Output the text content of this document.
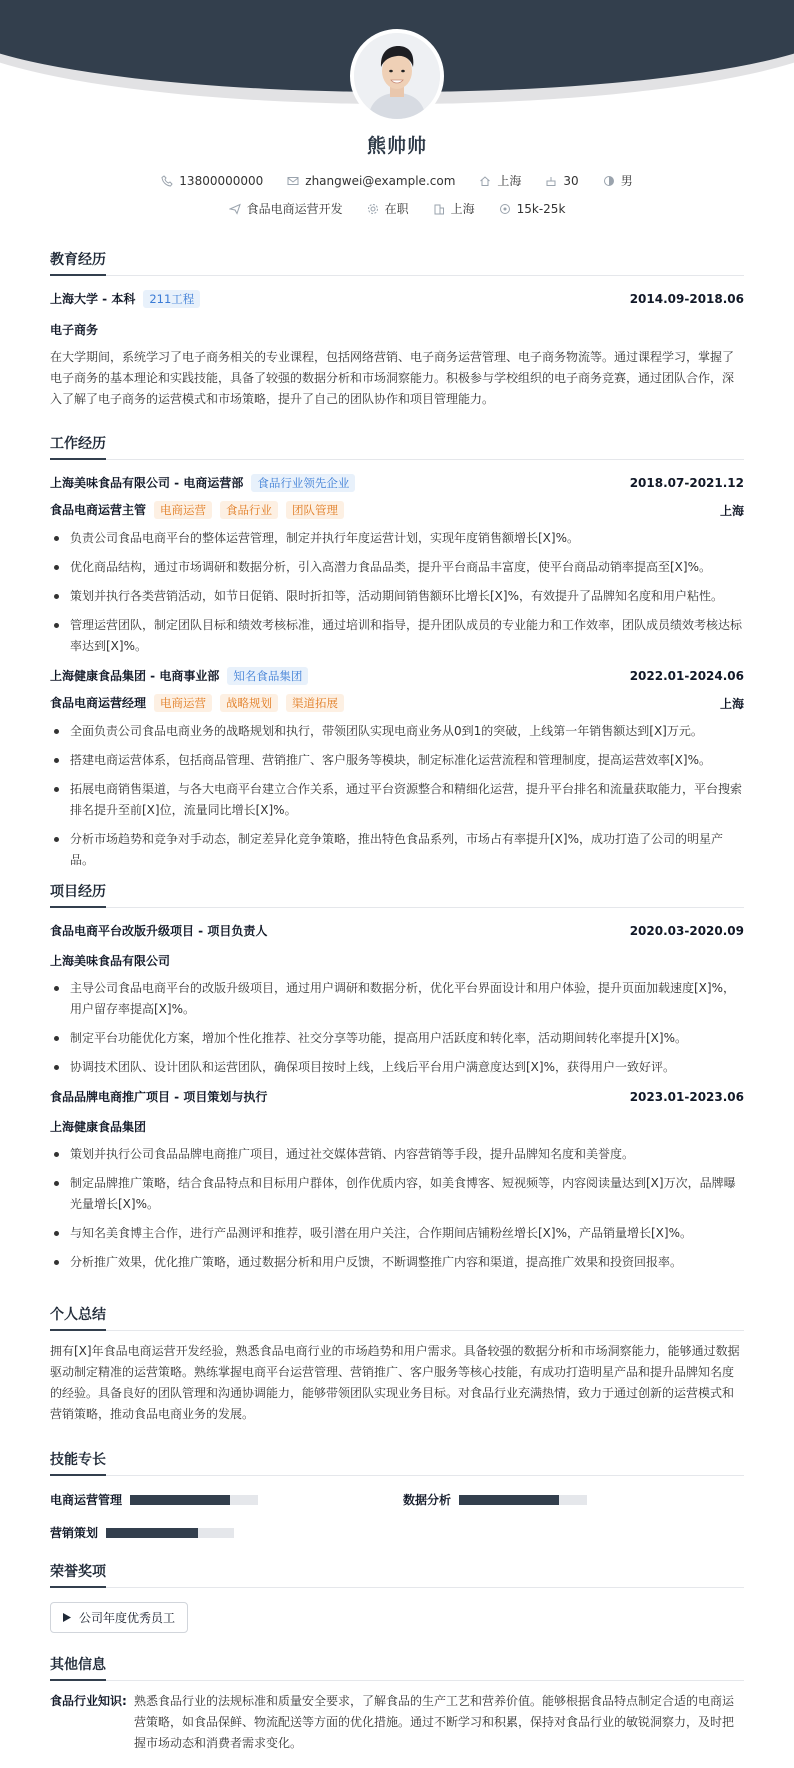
熊帅帅
13800000000	zhangwei@example.com	上海	30	男
食品电商运营开发	在职	上海	15k-25k
教育经历
上海大学 - 本科 211工程	2014.09-2018.06
电子商务
在大学期间，系统学习了电子商务相关的专业课程，包括网络营销、电子商务运营管理、电子商务物流等。通过课程学习，掌握了电子商务的基本理论和实践技能，具备了较强的数据分析和市场洞察能力。积极参与学校组织的电子商务竞赛，通过团队合作，深入了解了电子商务的运营模式和市场策略，提升了自己的团队协作和项目管理能力。
工作经历
上海美味食品有限公司 - 电商运营部 食品行业领先企业	2018.07-2021.12
食品电商运营主管 电商运营 食品行业 团队管理	上海
负责公司食品电商平台的整体运营管理，制定并执行年度运营计划，实现年度销售额增长[X]%。
优化商品结构，通过市场调研和数据分析，引入高潜力食品品类，提升平台商品丰富度，使平台商品动销率提高至[X]%。
策划并执行各类营销活动，如节日促销、限时折扣等，活动期间销售额环比增长[X]%，有效提升了品牌知名度和用户粘性。
管理运营团队，制定团队目标和绩效考核标准，通过培训和指导，提升团队成员的专业能力和工作效率，团队成员绩效考核达标率达到[X]%。
上海健康食品集团 - 电商事业部 知名食品集团	2022.01-2024.06
食品电商运营经理 电商运营 战略规划 渠道拓展	上海
全面负责公司食品电商业务的战略规划和执行，带领团队实现电商业务从0到1的突破，上线第一年销售额达到[X]万元。
搭建电商运营体系，包括商品管理、营销推广、客户服务等模块，制定标准化运营流程和管理制度，提高运营效率[X]%。
拓展电商销售渠道，与各大电商平台建立合作关系，通过平台资源整合和精细化运营，提升平台排名和流量获取能力，平台搜索排名提升至前[X]位，流量同比增长[X]%。
分析市场趋势和竞争对手动态，制定差异化竞争策略，推出特色食品系列，市场占有率提升[X]%，成功打造了公司的明星产品。
项目经历
食品电商平台改版升级项目 - 项目负责人	2020.03-2020.09
上海美味食品有限公司
主导公司食品电商平台的改版升级项目，通过用户调研和数据分析，优化平台界面设计和用户体验，提升页面加载速度[X]%，用户留存率提高[X]%。
制定平台功能优化方案，增加个性化推荐、社交分享等功能，提高用户活跃度和转化率，活动期间转化率提升[X]%。
协调技术团队、设计团队和运营团队，确保项目按时上线，上线后平台用户满意度达到[X]%，获得用户一致好评。
食品品牌电商推广项目 - 项目策划与执行	2023.01-2023.06
上海健康食品集团
策划并执行公司食品品牌电商推广项目，通过社交媒体营销、内容营销等手段，提升品牌知名度和美誉度。
制定品牌推广策略，结合食品特点和目标用户群体，创作优质内容，如美食博客、短视频等，内容阅读量达到[X]万次，品牌曝光量增长[X]%。
与知名美食博主合作，进行产品测评和推荐，吸引潜在用户关注，合作期间店铺粉丝增长[X]%，产品销量增长[X]%。
分析推广效果，优化推广策略，通过数据分析和用户反馈，不断调整推广内容和渠道，提高推广效果和投资回报率。
个人总结
拥有[X]年食品电商运营开发经验，熟悉食品电商行业的市场趋势和用户需求。具备较强的数据分析和市场洞察能力，能够通过数据驱动制定精准的运营策略。熟练掌握电商平台运营管理、营销推广、客户服务等核心技能，有成功打造明星产品和提升品牌知名度的经验。具备良好的团队管理和沟通协调能力，能够带领团队实现业务目标。对食品行业充满热情，致力于通过创新的运营模式和营销策略，推动食品电商业务的发展。
技能专长
电商运营管理	数据分析
营销策划
荣誉奖项
公司年度优秀员工
其他信息
食品行业知识: 熟悉食品行业的法规标准和质量安全要求，了解食品的生产工艺和营养价值。能够根据食品特点制定合适的电商运营策略，如食品保鲜、物流配送等方面的优化措施。通过不断学习和积累，保持对食品行业的敏锐洞察力，及时把握市场动态和消费者需求变化。
